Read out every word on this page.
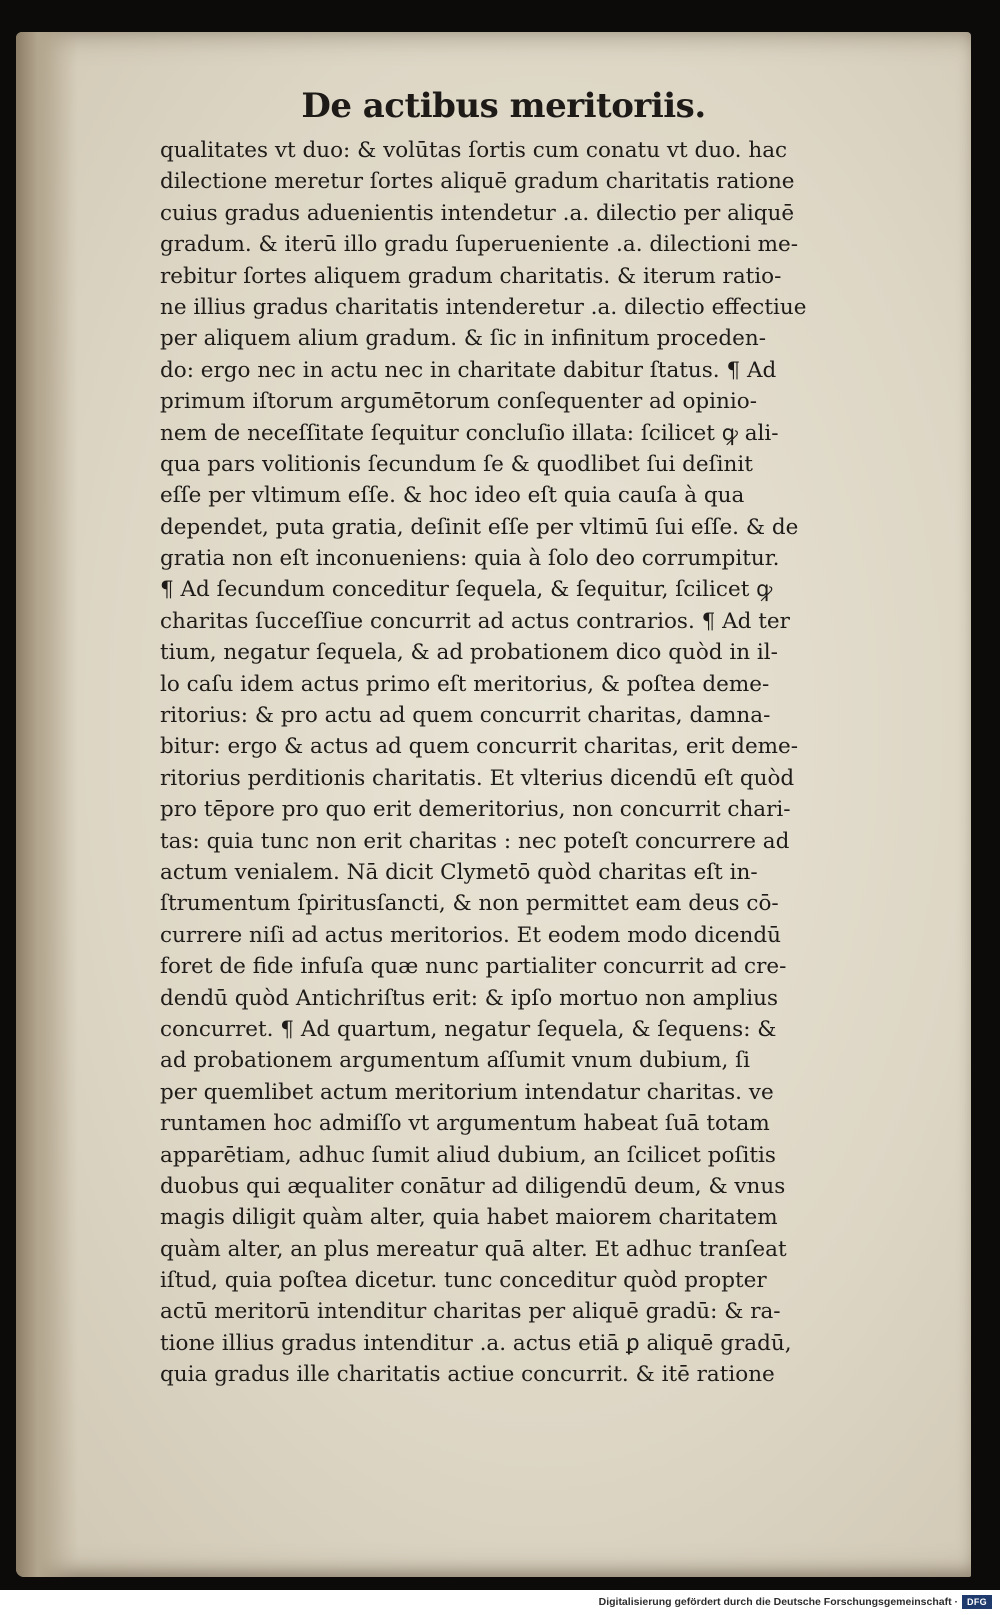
De actibus meritoriis.
qualitates vt duo: & volūtas ſortis cum conatu vt duo. hac
dilectione meretur ſortes aliquē gradum charitatis ratione
cuius gradus aduenientis intendetur .a. dilectio per aliquē
gradum. & iterū illo gradu ſuperueniente .a. dilectioni me-
rebitur ſortes aliquem gradum charitatis. & iterum ratio-
ne illius gradus charitatis intenderetur .a. dilectio effectiue
per aliquem alium gradum. & ſic in infinitum proceden-
do: ergo nec in actu nec in charitate dabitur ſtatus. ¶ Ad
primum iſtorum argumētorum conſequenter ad opinio-
nem de neceſſitate ſequitur concluſio illata: ſcilicet ꝙ ali-
qua pars volitionis ſecundum ſe & quodlibet ſui deſinit
eſſe per vltimum eſſe. & hoc ideo eſt quia cauſa à qua
dependet, puta gratia, deſinit eſſe per vltimū ſui eſſe. & de
gratia non eſt inconueniens: quia à ſolo deo corrumpitur.
¶ Ad ſecundum conceditur ſequela, & ſequitur, ſcilicet ꝙ
charitas ſucceſſiue concurrit ad actus contrarios. ¶ Ad ter
tium, negatur ſequela, & ad probationem dico quòd in il-
lo caſu idem actus primo eſt meritorius, & poſtea deme-
ritorius: & pro actu ad quem concurrit charitas, damna-
bitur: ergo & actus ad quem concurrit charitas, erit deme-
ritorius perditionis charitatis. Et vlterius dicendū eſt quòd
pro tēpore pro quo erit demeritorius, non concurrit chari-
tas: quia tunc non erit charitas : nec poteſt concurrere ad
actum venialem. Nā dicit Clymetō quòd charitas eſt in-
ſtrumentum ſpiritusſancti, & non permittet eam deus cō-
currere niſi ad actus meritorios. Et eodem modo dicendū
foret de fide infuſa quæ nunc partialiter concurrit ad cre-
dendū quòd Antichriſtus erit: & ipſo mortuo non amplius
concurret. ¶ Ad quartum, negatur ſequela, & ſequens: &
ad probationem argumentum aſſumit vnum dubium, ſi
per quemlibet actum meritorium intendatur charitas. ve
runtamen hoc admiſſo vt argumentum habeat ſuā totam
apparētiam, adhuc ſumit aliud dubium, an ſcilicet poſitis
duobus qui æqualiter conātur ad diligendū deum, & vnus
magis diligit quàm alter, quia habet maiorem charitatem
quàm alter, an plus mereatur quā alter. Et adhuc tranſeat
iſtud, quia poſtea dicetur. tunc conceditur quòd propter
actū meritorū intenditur charitas per aliquē gradū: & ra-
tione illius gradus intenditur .a. actus etiā ꝑ aliquē gradū,
quia gradus ille charitatis actiue concurrit. & itē ratione
Digitalisierung gefördert durch die Deutsche Forschungsgemeinschaft ·	DFG
